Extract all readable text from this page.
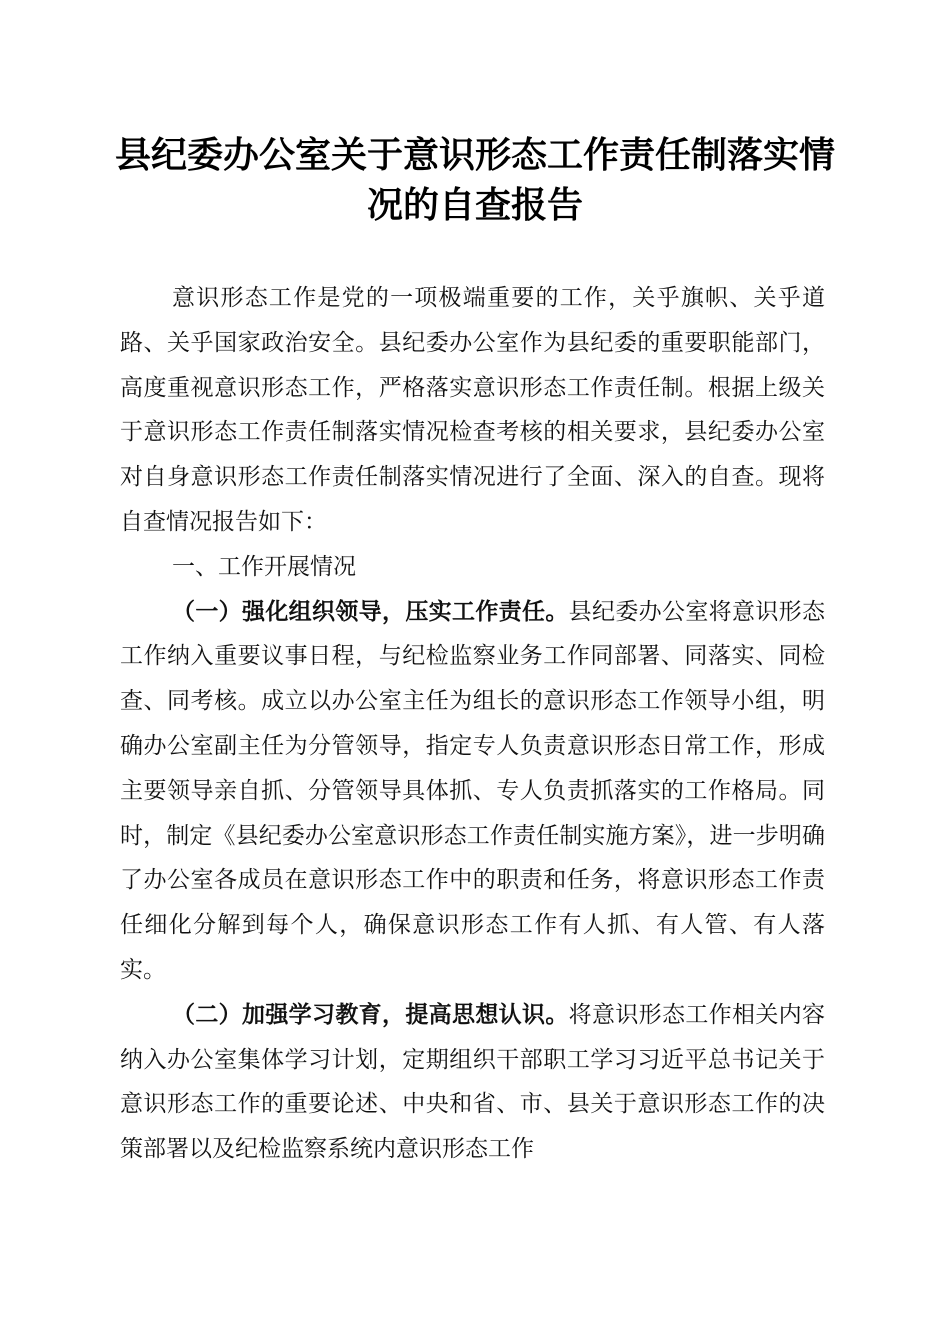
县纪委办公室关于意识形态工作责任制落实情
况的自查报告

意识形态工作是党的一项极端重要的工作，关乎旗帜、关乎道路、关乎国家政治安全。县纪委办公室作为县纪委的重要职能部门，高度重视意识形态工作，严格落实意识形态工作责任制。根据上级关于意识形态工作责任制落实情况检查考核的相关要求，县纪委办公室对自身意识形态工作责任制落实情况进行了全面、深入的自查。现将自查情况报告如下：

一、工作开展情况

（一）强化组织领导，压实工作责任。县纪委办公室将意识形态工作纳入重要议事日程，与纪检监察业务工作同部署、同落实、同检查、同考核。成立以办公室主任为组长的意识形态工作领导小组，明确办公室副主任为分管领导，指定专人负责意识形态日常工作，形成主要领导亲自抓、分管领导具体抓、专人负责抓落实的工作格局。同时，制定《县纪委办公室意识形态工作责任制实施方案》，进一步明确了办公室各成员在意识形态工作中的职责和任务，将意识形态工作责任细化分解到每个人，确保意识形态工作有人抓、有人管、有人落实。

（二）加强学习教育，提高思想认识。将意识形态工作相关内容纳入办公室集体学习计划，定期组织干部职工学习习近平总书记关于意识形态工作的重要论述、中央和省、市、县关于意识形态工作的决策部署以及纪检监察系统内意识形态工作
